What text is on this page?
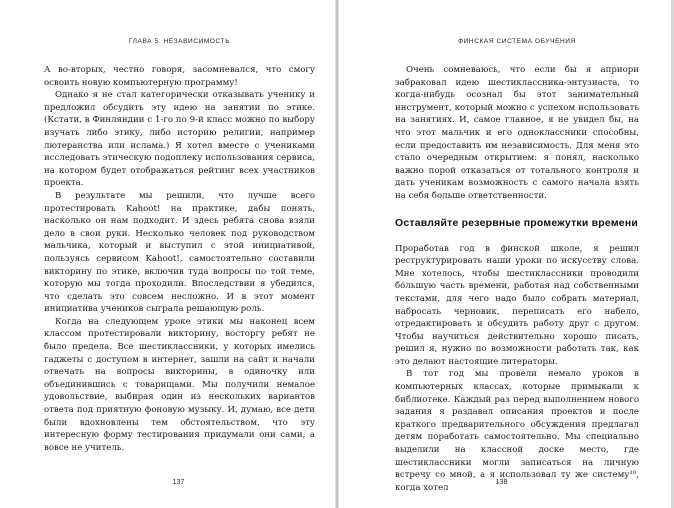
ГЛАВА 5. НЕЗАВИСИМОСТЬ

А во-вторых, честно говоря, засомневался, что смогу освоить новую компьютерную программу!

Однако я не стал категорически отказывать ученику и предложил обсудить эту идею на занятии по этике. (Кстати, в Финляндии с 1-го по 9-й класс можно по выбору изучать либо этику, либо историю религии, например лютеранства или ислама.) Я хотел вместе с учениками исследовать этическую подоплеку использования сервиса, на котором будет отображаться рейтинг всех участников проекта.

В результате мы решили, что лучше всего протестировать Kahoot! на практике, дабы понять, насколько он нам подходит. И здесь ребята снова взяли дело в свои руки. Несколько человек под руководством мальчика, который и выступил с этой инициативой, пользуясь сервисом Kahoot!, самостоятельно составили викторину по этике, включив туда вопросы по той теме, которую мы тогда проходили. Впоследствии я убедился, что сделать это совсем несложно. И в этот момент инициатива учеников сыграла решающую роль.

Когда на следующем уроке этики мы наконец всем классом протестировали викторину, восторгу ребят не было предела. Все шестиклассники, у которых имелись гаджеты с доступом в интернет, зашли на сайт и начали отвечать на вопросы викторины, в одиночку или объединившись с товарищами. Мы получили немалое удовольствие, выбирая один из нескольких вариантов ответа под приятную фоновую музыку. И, думаю, все дети были вдохновлены тем обстоятельством, что эту интересную форму тестирования придумали они сами, а вовсе не учитель.

137
ФИНСКАЯ СИСТЕМА ОБУЧЕНИЯ

Очень сомневаюсь, что если бы я априори забраковал идею шестиклассника-энтузиаста, то когда-нибудь осознал бы этот занимательный инструмент, который можно с успехом использовать на занятиях. И, самое главное, я не увидел бы, на что этот мальчик и его одноклассники способны, если предоставить им независимость. Для меня это стало очередным открытием: я понял, насколько важно порой отказаться от тотального контроля и дать ученикам возможность с самого начала взять на себя больше ответственности.

Оставляйте резервные промежутки времени

Проработав год в финской школе, я решил реструктурировать наши уроки по искусству слова. Мне хотелось, чтобы шестиклассники проводили бо́льшую часть времени, работая над собственными текстами, для чего надо было собрать материал, набросать черновик, переписать его набело, отредактировать и обсудить работу друг с другом. Чтобы научиться действительно хорошо писать, решил я, нужно по возможности работать так, как это делают настоящие литераторы.

В тот год мы провели немало уроков в компьютерных классах, которые примыкали к библиотеке. Каждый раз перед выполнением нового задания я раздавал описания проектов и после краткого предварительного обсуждения предлагал детям поработать самостоятельно. Мы специально выделили на классной доске место, где шестиклассники могли записаться на личную встречу со мной, а я использовал ту же систему¹⁰, когда хотел

138
